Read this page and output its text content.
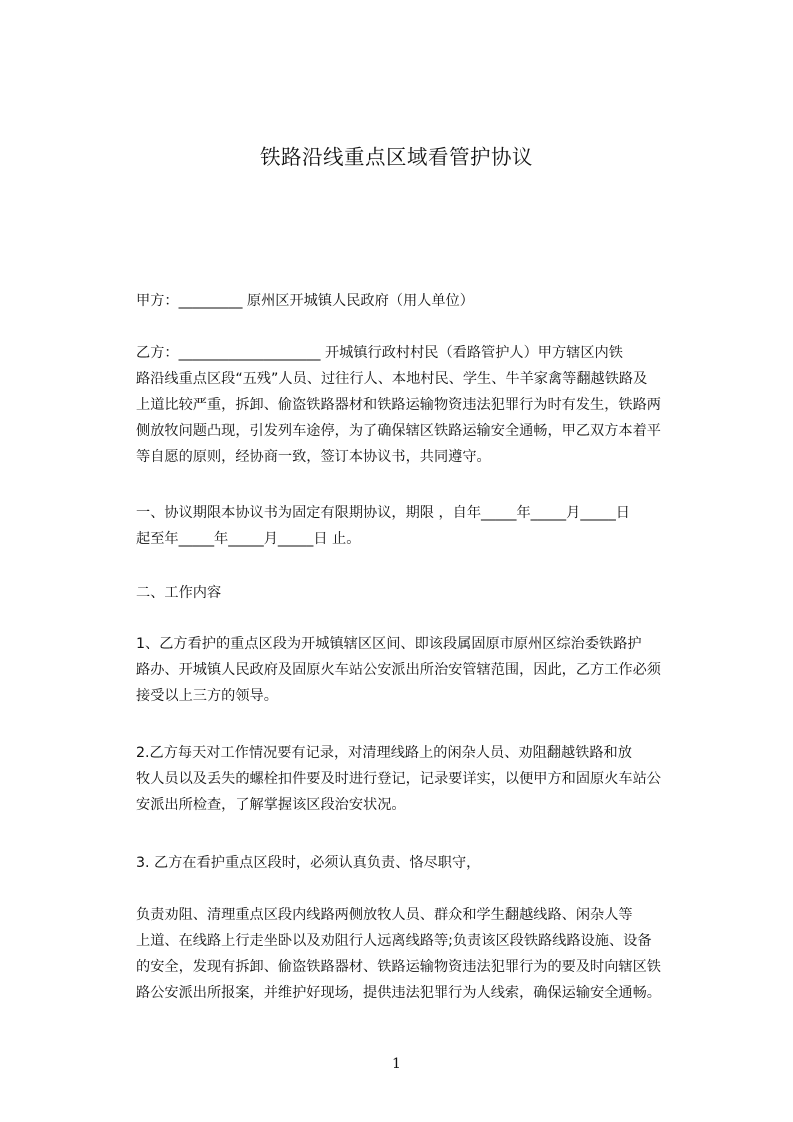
铁路沿线重点区域看管护协议

甲方：_________ 原州区开城镇人民政府（用人单位）

乙方：____________________ 开城镇行政村村民（看路管护人）甲方辖区内铁
路沿线重点区段“五残”人员、过往行人、本地村民、学生、牛羊家禽等翻越铁路及
上道比较严重，拆卸、偷盗铁路器材和铁路运输物资违法犯罪行为时有发生，铁路两
侧放牧问题凸现，引发列车途停，为了确保辖区铁路运输安全通畅，甲乙双方本着平
等自愿的原则，经协商一致，签订本协议书，共同遵守。

一、协议期限本协议书为固定有限期协议，期限 ，自年_____年_____月_____日
起至年_____年_____月_____日 止。

二、工作内容

1、乙方看护的重点区段为开城镇辖区区间、即该段属固原市原州区综治委铁路护
路办、开城镇人民政府及固原火车站公安派出所治安管辖范围，因此，乙方工作必须
接受以上三方的领导。

2.乙方每天对工作情况要有记录，对清理线路上的闲杂人员、劝阻翻越铁路和放
牧人员以及丢失的螺栓扣件要及时进行登记，记录要详实，以便甲方和固原火车站公
安派出所检查，了解掌握该区段治安状况。

3. 乙方在看护重点区段时，必须认真负责、恪尽职守，

负责劝阻、清理重点区段内线路两侧放牧人员、群众和学生翻越线路、闲杂人等
上道、在线路上行走坐卧以及劝阻行人远离线路等;负责该区段铁路线路设施、设备
的安全，发现有拆卸、偷盗铁路器材、铁路运输物资违法犯罪行为的要及时向辖区铁
路公安派出所报案，并维护好现场，提供违法犯罪行为人线索，确保运输安全通畅。

1
